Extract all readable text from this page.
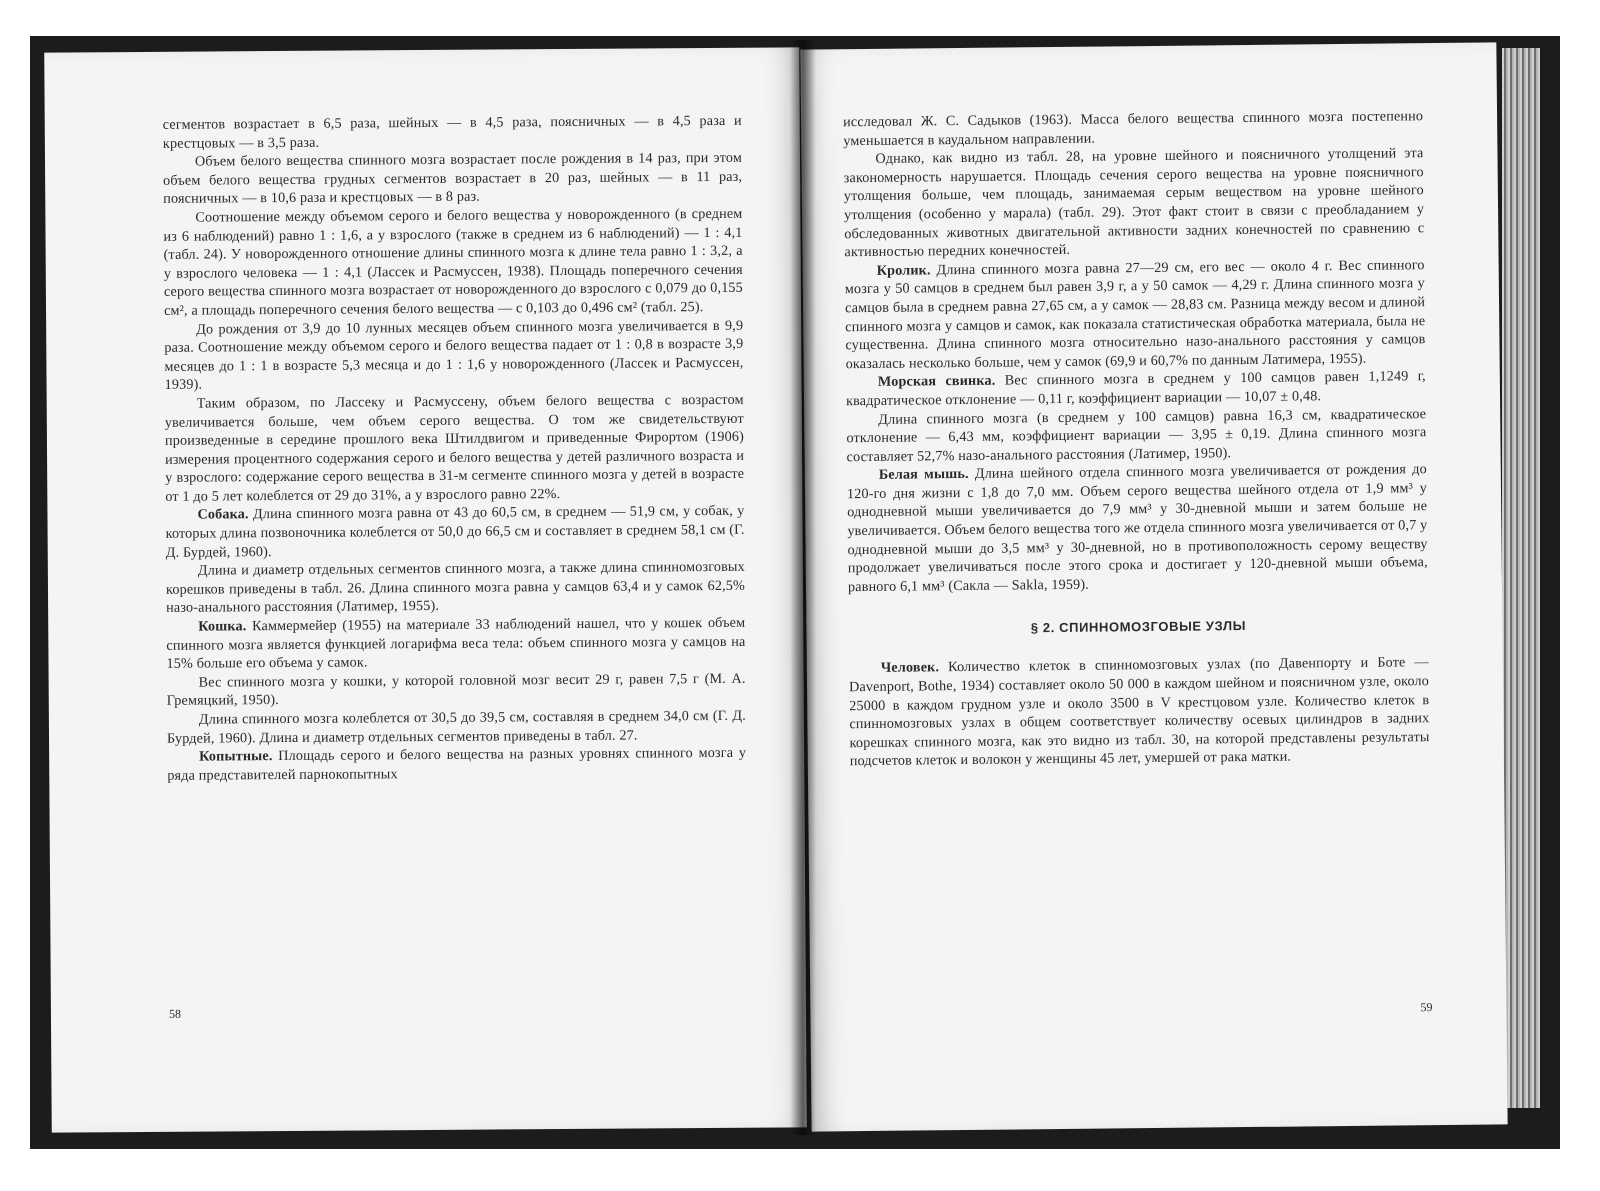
сегментов возрастает в 6,5 раза, шейных — в 4,5 раза, поясничных — в 4,5 раза и крестцовых — в 3,5 раза.

Объем белого вещества спинного мозга возрастает после рождения в 14 раз, при этом объем белого вещества грудных сегментов возрастает в 20 раз, шейных — в 11 раз, поясничных — в 10,6 раза и крестцовых — в 8 раз.

Соотношение между объемом серого и белого вещества у новорожденного (в среднем из 6 наблюдений) равно 1 : 1,6, а у взрослого (также в среднем из 6 наблюдений) — 1 : 4,1 (табл. 24). У новорожденного отношение длины спинного мозга к длине тела равно 1 : 3,2, а у взрослого человека — 1 : 4,1 (Лассек и Расмуссен, 1938). Площадь поперечного сечения серого вещества спинного мозга возрастает от новорожденного до взрослого с 0,079 до 0,155 см², а площадь поперечного сечения белого вещества — с 0,103 до 0,496 см² (табл. 25).

До рождения от 3,9 до 10 лунных месяцев объем спинного мозга увеличивается в 9,9 раза. Соотношение между объемом серого и белого вещества падает от 1 : 0,8 в возрасте 3,9 месяцев до 1 : 1 в возрасте 5,3 месяца и до 1 : 1,6 у новорожденного (Лассек и Расмуссен, 1939).

Таким образом, по Лассеку и Расмуссену, объем белого вещества с возрастом увеличивается больше, чем объем серого вещества. О том же свидетельствуют произведенные в середине прошлого века Штилдвигом и приведенные Фирортом (1906) измерения процентного содержания серого и белого вещества у детей различного возраста и у взрослого: содержание серого вещества в 31-м сегменте спинного мозга у детей в возрасте от 1 до 5 лет колеблется от 29 до 31%, а у взрослого равно 22%.

Собака. Длина спинного мозга равна от 43 до 60,5 см, в среднем — 51,9 см, у собак, у которых длина позвоночника колеблется от 50,0 до 66,5 см и составляет в среднем 58,1 см (Г. Д. Бурдей, 1960).

Длина и диаметр отдельных сегментов спинного мозга, а также длина спинномозговых корешков приведены в табл. 26. Длина спинного мозга равна у самцов 63,4 и у самок 62,5% назо-анального расстояния (Латимер, 1955).

Кошка. Каммермейер (1955) на материале 33 наблюдений нашел, что у кошек объем спинного мозга является функцией логарифма веса тела: объем спинного мозга у самцов на 15% больше его объема у самок.

Вес спинного мозга у кошки, у которой головной мозг весит 29 г, равен 7,5 г (М. А. Гремяцкий, 1950).

Длина спинного мозга колеблется от 30,5 до 39,5 см, составляя в среднем 34,0 см (Г. Д. Бурдей, 1960). Длина и диаметр отдельных сегментов приведены в табл. 27.

Копытные. Площадь серого и белого вещества на разных уровнях спинного мозга у ряда представителей парнокопытных

58

исследовал Ж. С. Садыков (1963). Масса белого вещества спинного мозга постепенно уменьшается в каудальном направлении.

Однако, как видно из табл. 28, на уровне шейного и поясничного утолщений эта закономерность нарушается. Площадь сечения серого вещества на уровне поясничного утолщения больше, чем площадь, занимаемая серым веществом на уровне шейного утолщения (особенно у марала) (табл. 29). Этот факт стоит в связи с преобладанием у обследованных животных двигательной активности задних конечностей по сравнению с активностью передних конечностей.

Кролик. Длина спинного мозга равна 27—29 см, его вес — около 4 г. Вес спинного мозга у 50 самцов в среднем был равен 3,9 г, а у 50 самок — 4,29 г. Длина спинного мозга у самцов была в среднем равна 27,65 см, а у самок — 28,83 см. Разница между весом и длиной спинного мозга у самцов и самок, как показала статистическая обработка материала, была не существенна. Длина спинного мозга относительно назо-анального расстояния у самцов оказалась несколько больше, чем у самок (69,9 и 60,7% по данным Латимера, 1955).

Морская свинка. Вес спинного мозга в среднем у 100 самцов равен 1,1249 г, квадратическое отклонение — 0,11 г, коэффициент вариации — 10,07 ± 0,48.

Длина спинного мозга (в среднем у 100 самцов) равна 16,3 см, квадратическое отклонение — 6,43 мм, коэффициент вариации — 3,95 ± 0,19. Длина спинного мозга составляет 52,7% назо-анального расстояния (Латимер, 1950).

Белая мышь. Длина шейного отдела спинного мозга увеличивается от рождения до 120-го дня жизни с 1,8 до 7,0 мм. Объем серого вещества шейного отдела от 1,9 мм³ у однодневной мыши увеличивается до 7,9 мм³ у 30-дневной мыши и затем больше не увеличивается. Объем белого вещества того же отдела спинного мозга увеличивается от 0,7 у однодневной мыши до 3,5 мм³ у 30-дневной, но в противоположность серому веществу продолжает увеличиваться после этого срока и достигает у 120-дневной мыши объема, равного 6,1 мм³ (Сакла — Sakla, 1959).

§ 2. СПИННОМОЗГОВЫЕ УЗЛЫ

Человек. Количество клеток в спинномозговых узлах (по Давенпорту и Боте — Davenport, Bothe, 1934) составляет около 50 000 в каждом шейном и поясничном узле, около 25000 в каждом грудном узле и около 3500 в V крестцовом узле. Количество клеток в спинномозговых узлах в общем соответствует количеству осевых цилиндров в задних корешках спинного мозга, как это видно из табл. 30, на которой представлены результаты подсчетов клеток и волокон у женщины 45 лет, умершей от рака матки.

59
